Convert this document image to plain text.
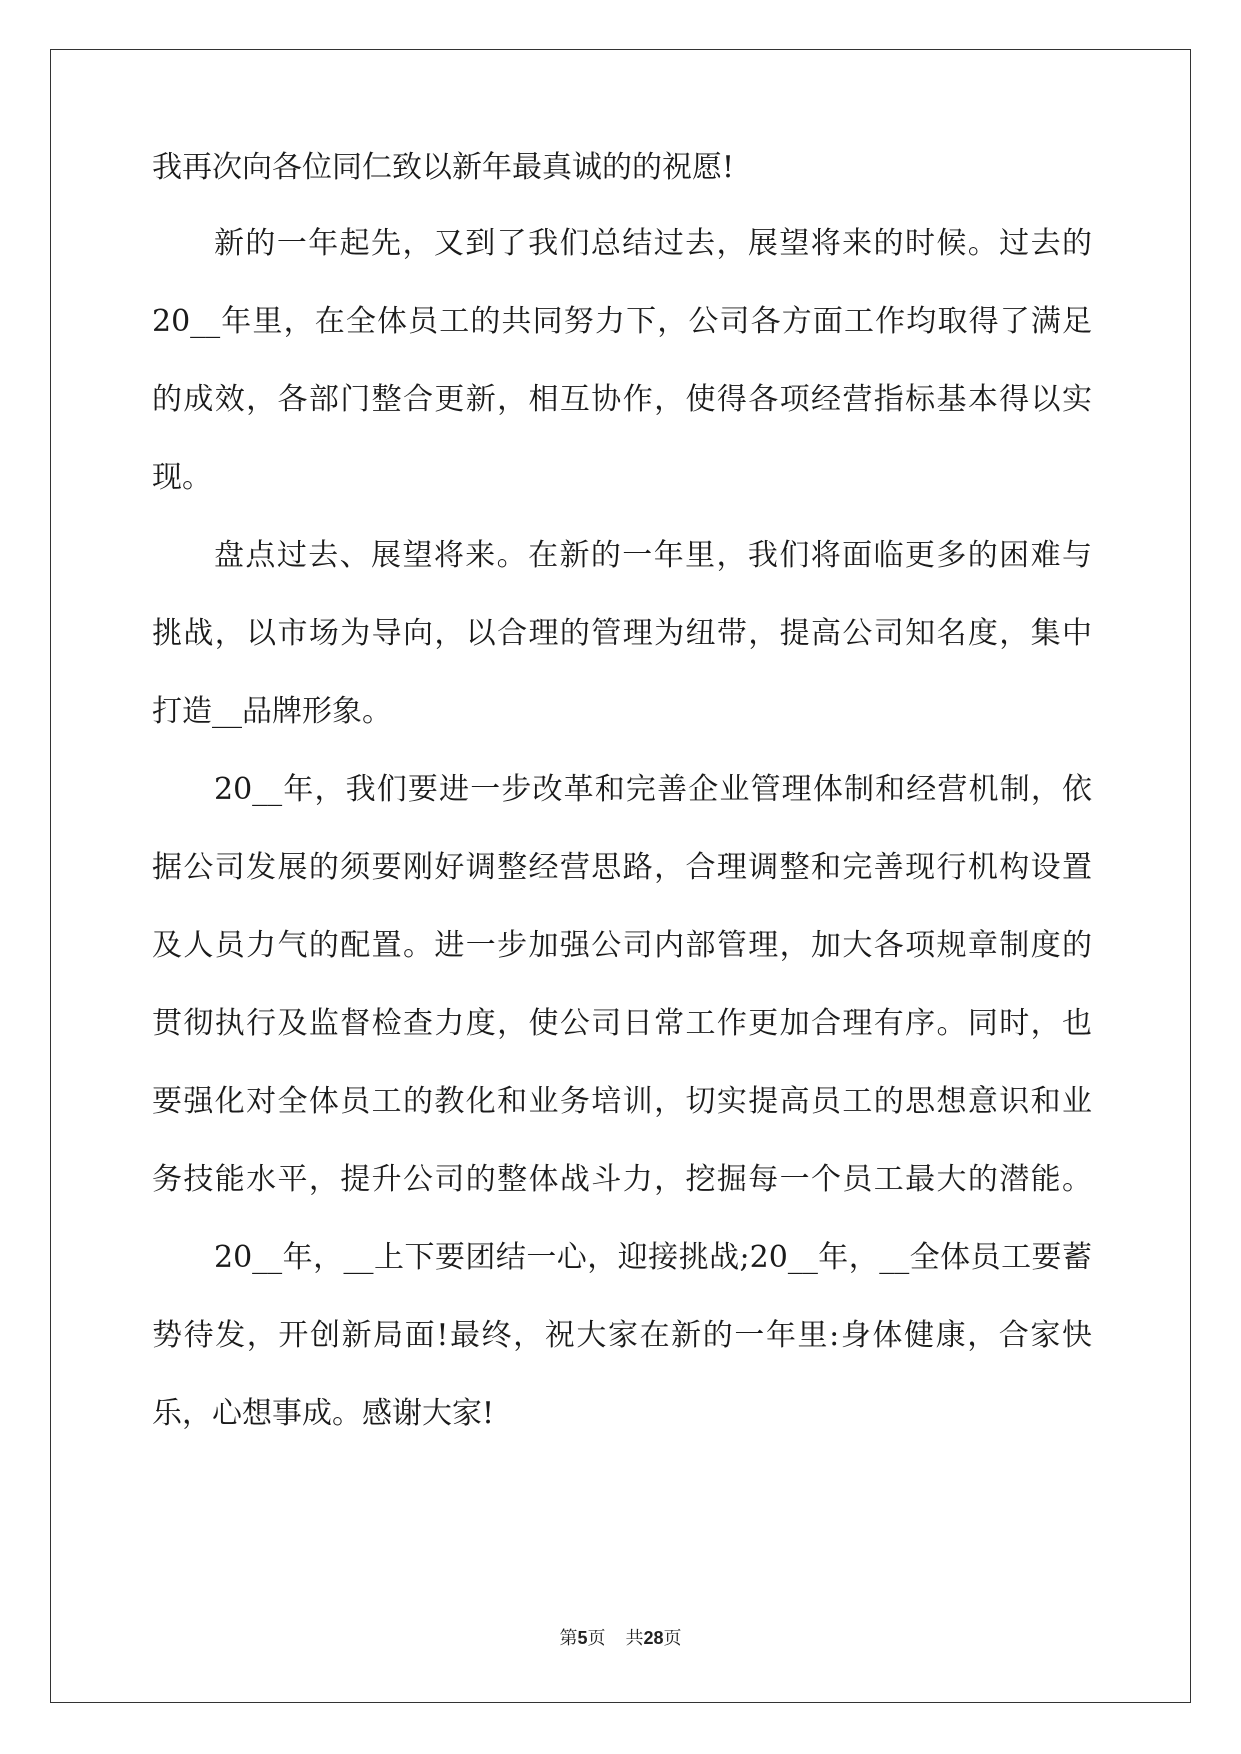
我再次向各位同仁致以新年最真诚的的祝愿!
新的一年起先，又到了我们总结过去，展望将来的时候。过去的
20__年里，在全体员工的共同努力下，公司各方面工作均取得了满足
的成效，各部门整合更新，相互协作，使得各项经营指标基本得以实
现。
盘点过去、展望将来。在新的一年里，我们将面临更多的困难与
挑战，以市场为导向，以合理的管理为纽带，提高公司知名度，集中
打造__品牌形象。
20__年，我们要进一步改革和完善企业管理体制和经营机制，依
据公司发展的须要刚好调整经营思路，合理调整和完善现行机构设置
及人员力气的配置。进一步加强公司内部管理，加大各项规章制度的
贯彻执行及监督检查力度，使公司日常工作更加合理有序。同时，也
要强化对全体员工的教化和业务培训，切实提高员工的思想意识和业
务技能水平，提升公司的整体战斗力，挖掘每一个员工最大的潜能。
20__年，__上下要团结一心，迎接挑战;20__年，__全体员工要蓄
势待发，开创新局面!最终，祝大家在新的一年里:身体健康，合家快
乐，心想事成。感谢大家!
第5页 共28页
